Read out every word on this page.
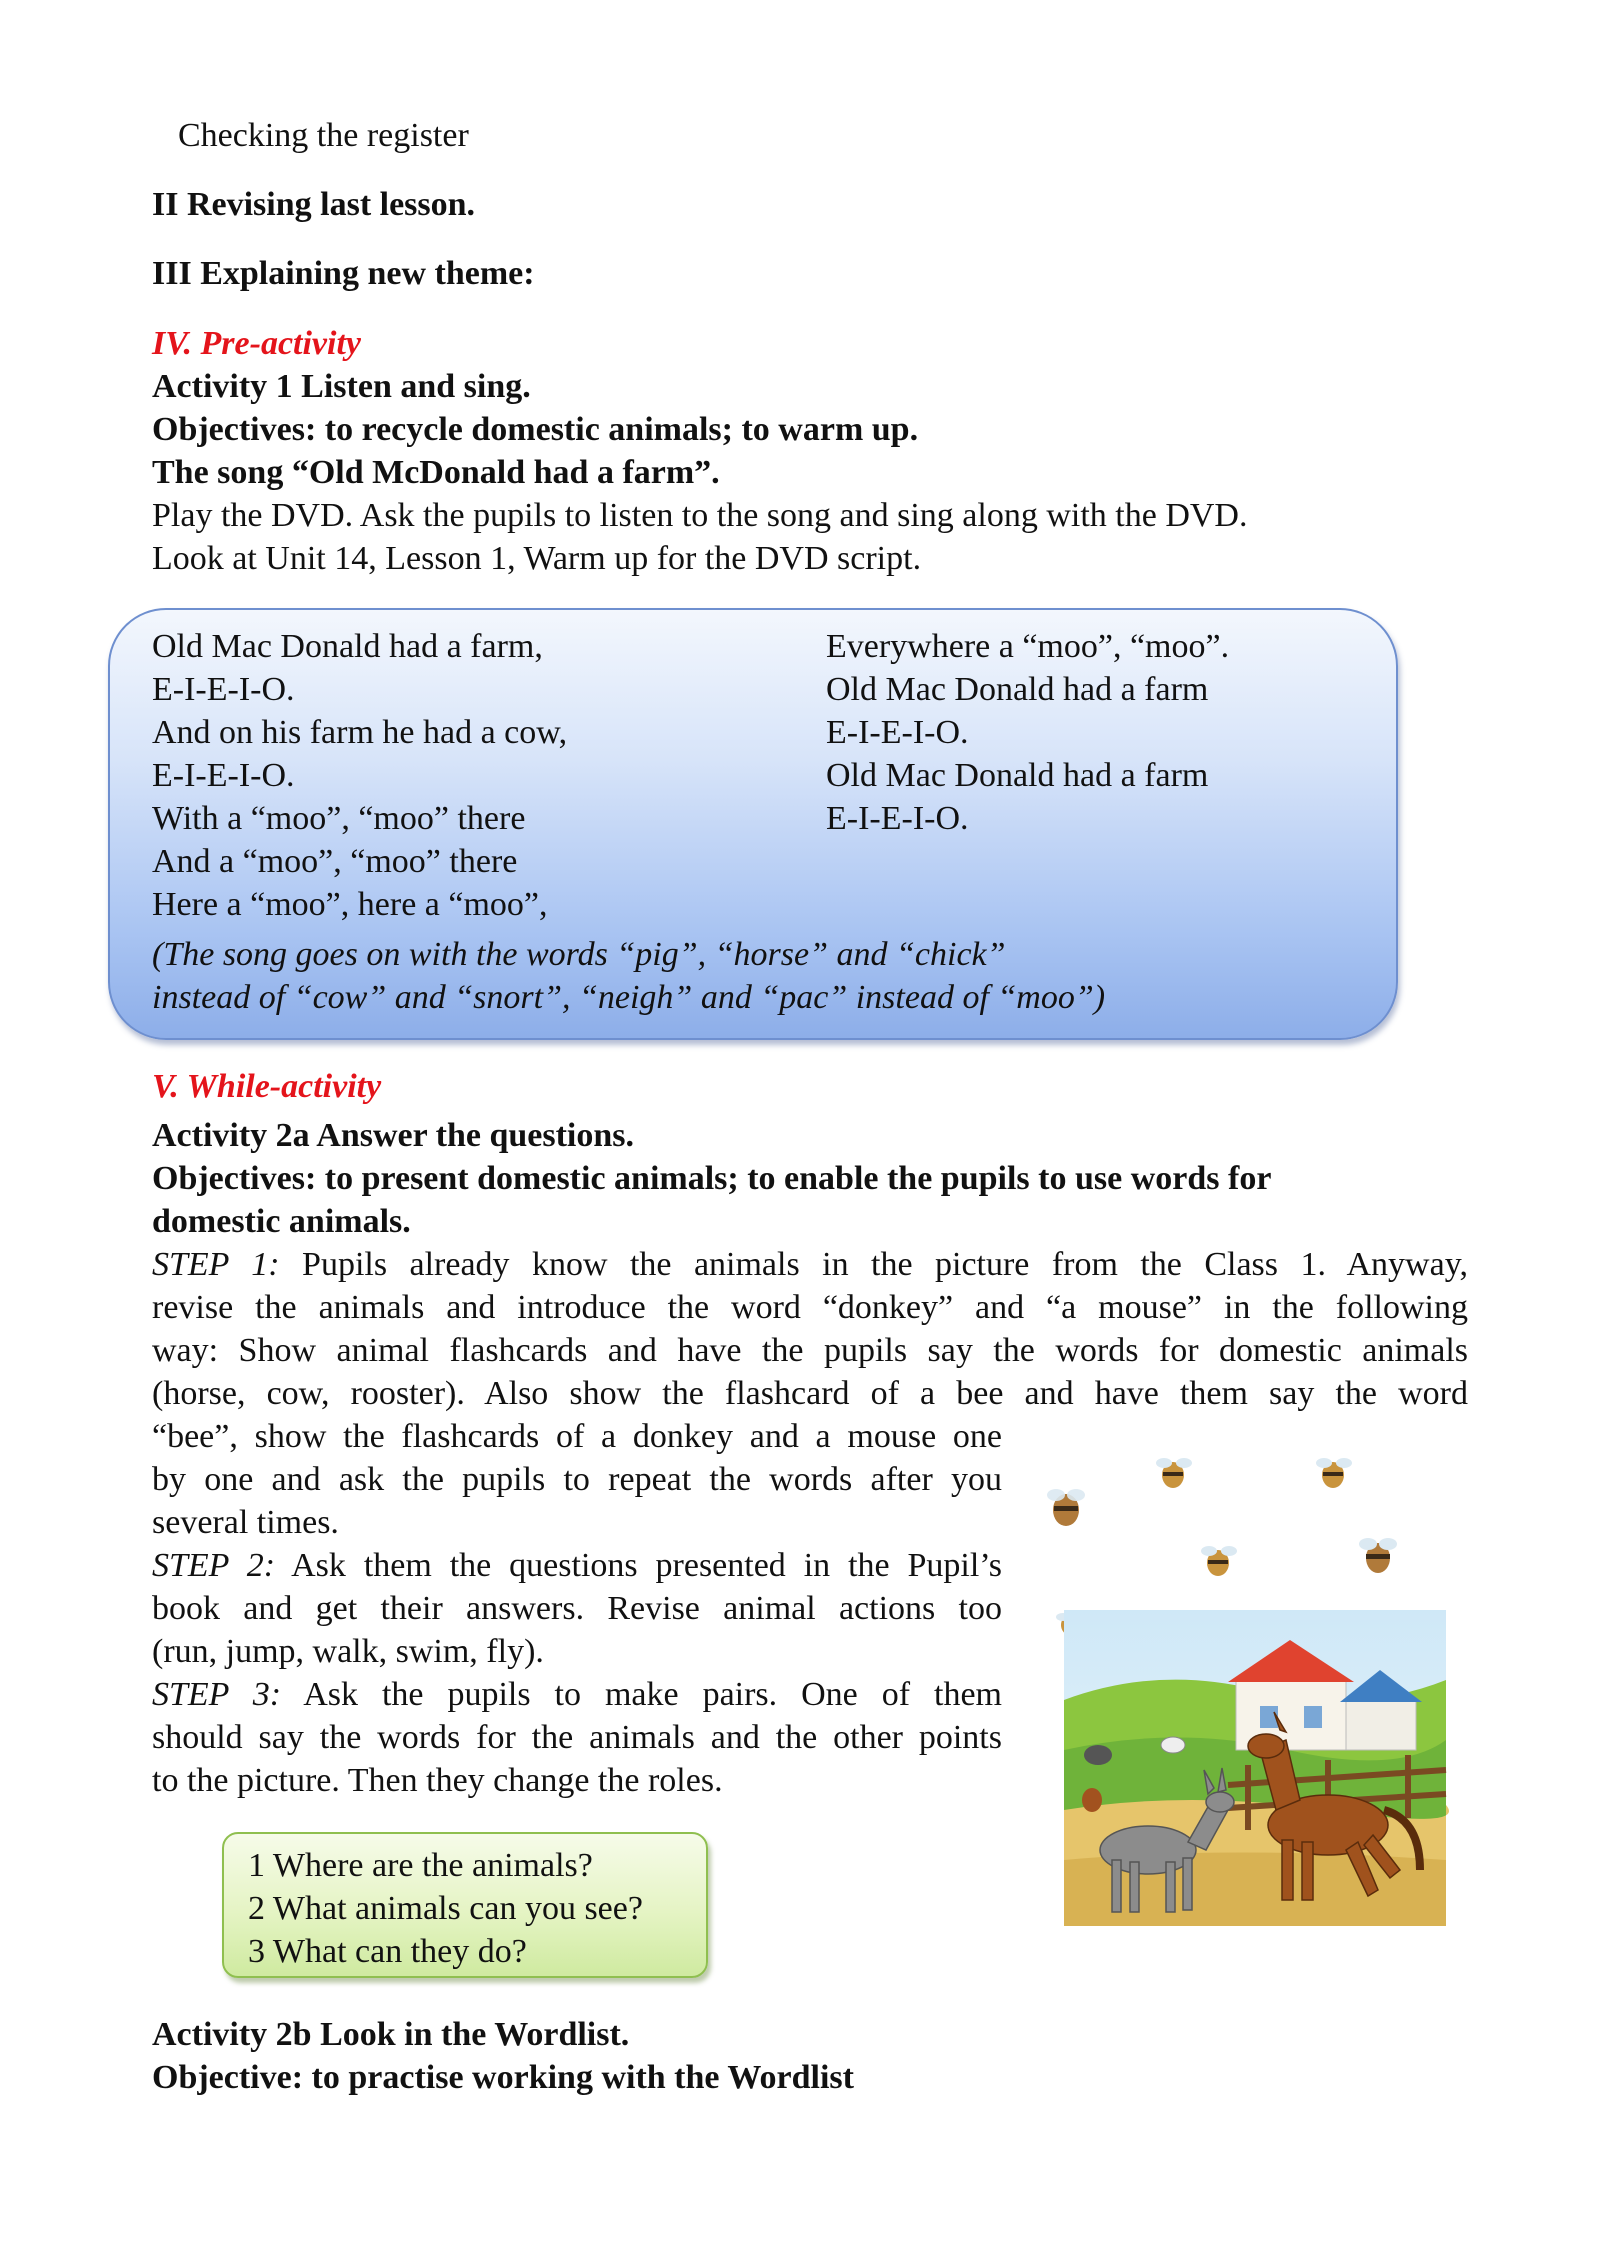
Checking the register
II Revising last lesson.
III Explaining new theme:
IV. Pre-activity
Activity 1 Listen and sing.
Objectives: to recycle domestic animals; to warm up.
The song “Old McDonald had a farm”.
Play the DVD. Ask the pupils to listen to the song and sing along with the DVD.
Look at Unit 14, Lesson 1, Warm up for the DVD script.
Old Mac Donald had a farm,
E-I-E-I-O.
And on his farm he had a cow,
E-I-E-I-O.
With a “moo”, “moo” there
And a “moo”, “moo” there
Here a “moo”, here a “moo”,
Everywhere a “moo”, “moo”.
Old Mac Donald had a farm
E-I-E-I-O.
Old Mac Donald had a farm
E-I-E-I-O.
(The song goes on with the words “pig”, “horse” and “chick”
instead of “cow” and “snort”, “neigh” and “pac” instead of “moo”)
V. While-activity
Activity 2a Answer the questions.
Objectives: to present domestic animals; to enable the pupils to use words for
domestic animals.
STEP 1: Pupils already know the animals in the picture from the Class 1. Anyway,
revise the animals and introduce the word “donkey” and “a mouse” in the following
way: Show animal flashcards and have the pupils say the words for domestic animals
(horse, cow, rooster). Also show the flashcard of a bee and have them say the word
“bee”, show the flashcards of a donkey and a mouse one
by one and ask the pupils to repeat the words after you
several times.
STEP 2: Ask them the questions presented in the Pupil’s
book and get their answers. Revise animal actions too
(run, jump, walk, swim, fly).
STEP 3: Ask the pupils to make pairs. One of them
should say the words for the animals and the other points
to the picture. Then they change the roles.
1 Where are the animals?
2 What animals can you see?
3 What can they do?
Activity 2b Look in the Wordlist.
Objective: to practise working with the Wordlist
